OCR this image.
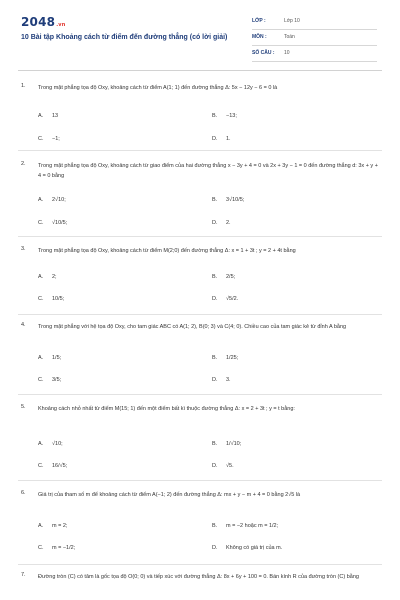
2048.vn
10 Bài tập Khoảng cách từ điểm đến đường thẳng (có lời giải)
LỚP :	Lớp 10
MÔN :	Toán
SỐ CÂU : 10
1. Trong mặt phẳng tọa độ Oxy, khoảng cách từ điểm A(1; 1) đến đường thẳng Δ: 5x − 12y − 6 = 0 là
A. 13	B. −13;
C. −1;	D. 1.
2. Trong mặt phẳng tọa độ Oxy, khoảng cách từ giao điểm của hai đường thẳng x − 3y + 4 = 0 và 2x + 3y − 1 = 0 đến đường thẳng d: 3x + y + 4 = 0 bằng
A. 2√10;	B. 3√10/5;
C. √10/5;	D. 2.
3. Trong mặt phẳng tọa độ Oxy, khoảng cách từ điểm M(2;0) đến đường thẳng Δ: x = 1 + 3t ; y = 2 + 4t bằng
A. 2;	B. 2/5;
C. 10/5;	D. √5/2.
4. Trong mặt phẳng với hệ tọa độ Oxy, cho tam giác ABC có A(1; 2), B(0; 3) và C(4; 0). Chiều cao của tam giác kẻ từ đỉnh A bằng
A. 1/5;	B. 1/25;
C. 3/5;	D. 3.
5. Khoảng cách nhỏ nhất từ điểm M(15; 1) đến một điểm bất kì thuộc đường thẳng Δ: x = 2 + 3t ; y = t bằng:
A. √10;	B. 1/√10;
C. 16/√5;	D. √5.
6. Giá trị của tham số m để khoảng cách từ điểm A(−1; 2) đến đường thẳng Δ: mx + y − m + 4 = 0 bằng 2√5 là
A. m = 2;	B. m = −2 hoặc m = 1/2;
C. m = −1/2;	D. Không có giá trị của m.
7. Đường tròn (C) có tâm là gốc tọa độ O(0; 0) và tiếp xúc với đường thẳng Δ: 8x + 6y + 100 = 0. Bán kính R của đường tròn (C) bằng
